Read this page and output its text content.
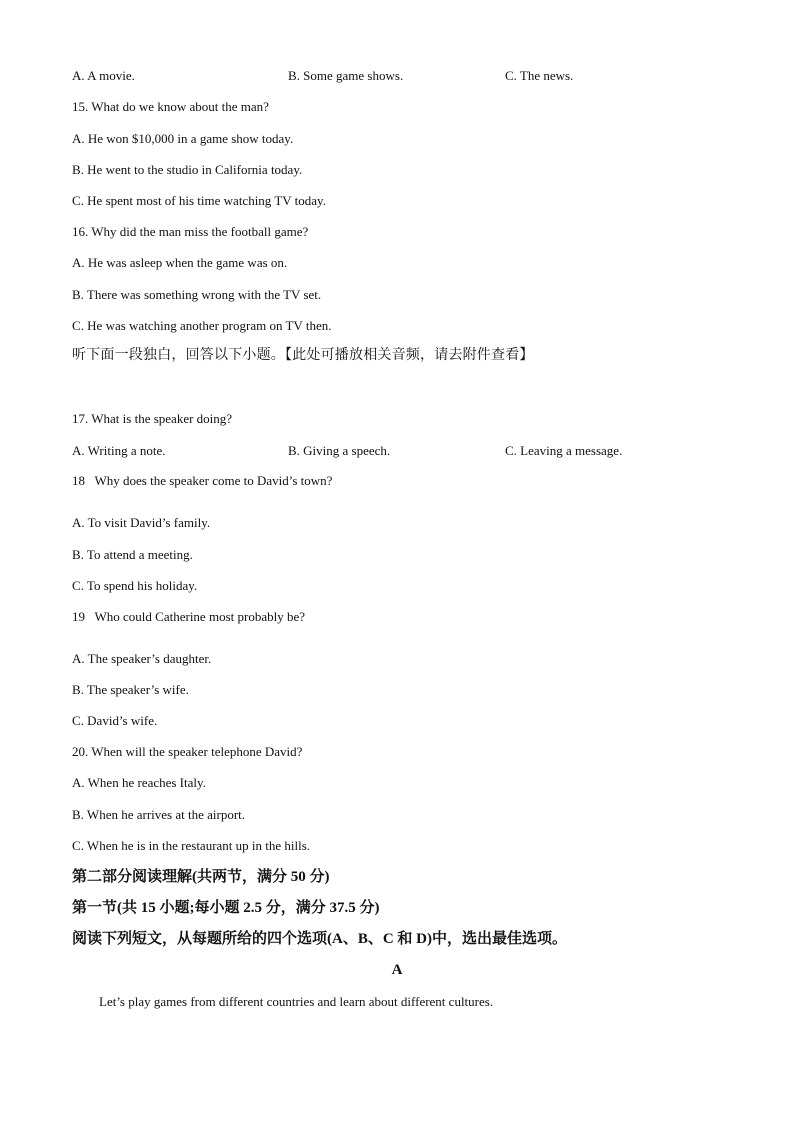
A. A movie.	B. Some game shows.	C. The news.
15. What do we know about the man?
A. He won $10,000 in a game show today.
B. He went to the studio in California today.
C. He spent most of his time watching TV today.
16. Why did the man miss the football game?
A. He was asleep when the game was on.
B. There was something wrong with the TV set.
C. He was watching another program on TV then.
听下面一段独白，回答以下小题。【此处可播放相关音频，请去附件查看】
17. What is the speaker doing?
A. Writing a note.	B. Giving a speech.	C. Leaving a message.
18   Why does the speaker come to David’s town?
A. To visit David’s family.
B. To attend a meeting.
C. To spend his holiday.
19   Who could Catherine most probably be?
A. The speaker’s daughter.
B. The speaker’s wife.
C. David’s wife.
20. When will the speaker telephone David?
A. When he reaches Italy.
B. When he arrives at the airport.
C. When he is in the restaurant up in the hills.
第二部分阅读理解(共两节，满分 50 分)
第一节(共 15 小题;每小题 2.5 分，满分 37.5 分)
阅读下列短文，从每题所给的四个选项(A、B、C 和 D)中，选出最佳选项。
A
Let’s play games from different countries and learn about different cultures.
